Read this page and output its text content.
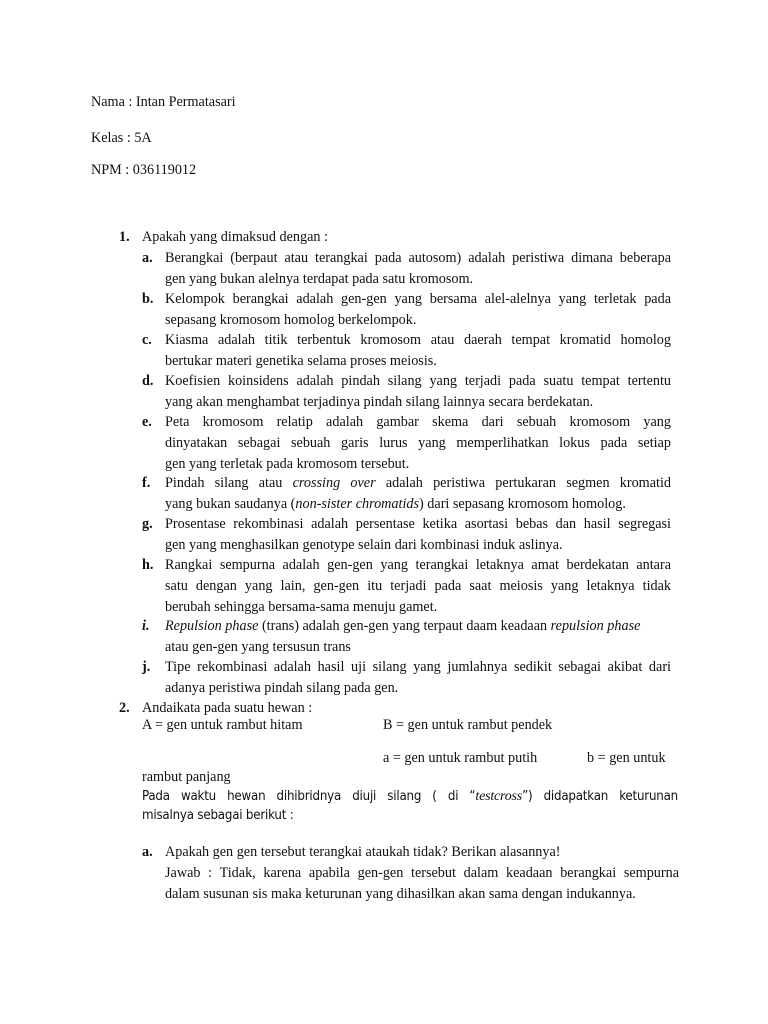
Nama : Intan Permatasari
Kelas : 5A
NPM : 036119012
1. Apakah yang dimaksud dengan :
a. Berangkai (berpaut atau terangkai pada autosom) adalah peristiwa dimana beberapa

gen yang bukan alelnya terdapat pada satu kromosom.

b. Kelompok berangkai adalah gen-gen yang bersama alel-alelnya yang terletak pada

sepasang kromosom homolog berkelompok.

c. Kiasma adalah titik terbentuk kromosom atau daerah tempat kromatid homolog

bertukar materi genetika selama proses meiosis.

d. Koefisien koinsidens adalah pindah silang yang terjadi pada suatu tempat tertentu

yang akan menghambat terjadinya pindah silang lainnya secara berdekatan.

e. Peta kromosom relatip adalah gambar skema dari sebuah kromosom yang

dinyatakan sebagai sebuah garis lurus yang memperlihatkan lokus pada setiap

gen yang terletak pada kromosom tersebut.

f. Pindah silang atau crossing over adalah peristiwa pertukaran segmen kromatid

yang bukan saudanya (non-sister chromatids) dari sepasang kromosom homolog.

g. Prosentase rekombinasi adalah persentase ketika asortasi bebas dan hasil segregasi

gen yang menghasilkan genotype selain dari kombinasi induk aslinya.

h. Rangkai sempurna adalah gen-gen yang terangkai letaknya amat berdekatan antara

satu dengan yang lain, gen-gen itu terjadi pada saat meiosis yang letaknya tidak

berubah sehingga bersama-sama menuju gamet.

i. Repulsion phase (trans) adalah gen-gen yang terpaut daam keadaan repulsion phase

atau gen-gen yang tersusun trans

j. Tipe rekombinasi adalah hasil uji silang yang jumlahnya sedikit sebagai akibat dari

adanya peristiwa pindah silang pada gen.

2. Andaikata pada suatu hewan :
A = gen untuk rambut hitam	B = gen untuk rambut pendek
a = gen untuk rambut putih	b = gen untuk
rambut panjang
Pada waktu hewan dihibridnya diuji silang ( di “testcross”) didapatkan keturunan
misalnya sebagai berikut :
a. Apakah gen gen tersebut terangkai ataukah tidak? Berikan alasannya!

Jawab : Tidak, karena apabila gen-gen tersebut dalam keadaan berangkai sempurna

dalam susunan sis maka keturunan yang dihasilkan akan sama dengan indukannya.
